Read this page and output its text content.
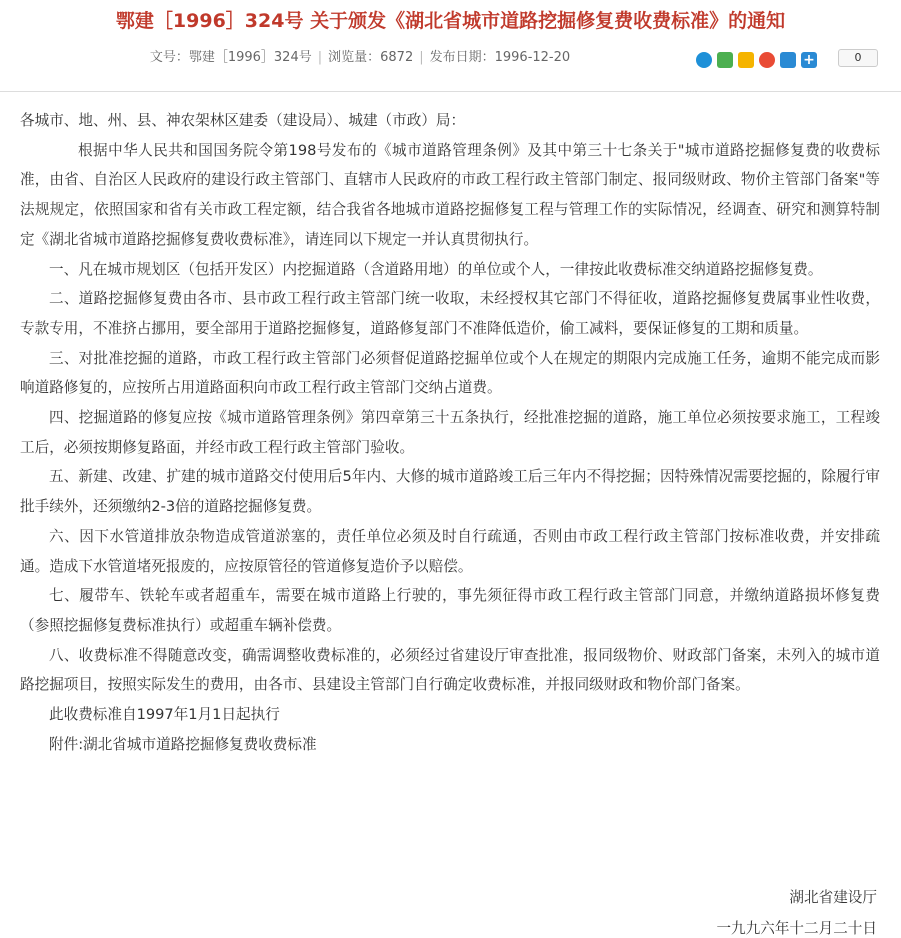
鄂建［1996］324号 关于颁发《湖北省城市道路挖掘修复费收费标准》的通知
文号：鄂建［1996］324号 | 浏览量：6872 | 发布日期：1996-12-20	+	0

各城市、地、州、县、神农架林区建委（建设局）、城建（市政）局：

根据中华人民共和国国务院令第198号发布的《城市道路管理条例》及其中第三十七条关于"城市道路挖掘修复费的收费标准，由省、自治区人民政府的建设行政主管部门、直辖市人民政府的市政工程行政主管部门制定、报同级财政、物价主管部门备案"等法规规定，依照国家和省有关市政工程定额，结合我省各地城市道路挖掘修复工程与管理工作的实际情况，经调查、研究和测算特制定《湖北省城市道路挖掘修复费收费标准》，请连同以下规定一并认真贯彻执行。

一、凡在城市规划区（包括开发区）内挖掘道路（含道路用地）的单位或个人，一律按此收费标准交纳道路挖掘修复费。

二、道路挖掘修复费由各市、县市政工程行政主管部门统一收取，未经授权其它部门不得征收，道路挖掘修复费属事业性收费，专款专用，不准挤占挪用，要全部用于道路挖掘修复，道路修复部门不准降低造价，偷工减料，要保证修复的工期和质量。

三、对批准挖掘的道路，市政工程行政主管部门必须督促道路挖掘单位或个人在规定的期限内完成施工任务，逾期不能完成而影响道路修复的，应按所占用道路面积向市政工程行政主管部门交纳占道费。

四、挖掘道路的修复应按《城市道路管理条例》第四章第三十五条执行，经批准挖掘的道路，施工单位必须按要求施工，工程竣工后，必须按期修复路面，并经市政工程行政主管部门验收。

五、新建、改建、扩建的城市道路交付使用后5年内、大修的城市道路竣工后三年内不得挖掘；因特殊情况需要挖掘的，除履行审批手续外，还须缴纳2-3倍的道路挖掘修复费。

六、因下水管道排放杂物造成管道淤塞的，责任单位必须及时自行疏通，否则由市政工程行政主管部门按标准收费，并安排疏通。造成下水管道堵死报废的，应按原管径的管道修复造价予以赔偿。

七、履带车、铁轮车或者超重车，需要在城市道路上行驶的，事先须征得市政工程行政主管部门同意，并缴纳道路损坏修复费（参照挖掘修复费标准执行）或超重车辆补偿费。

八、收费标准不得随意改变，确需调整收费标准的，必须经过省建设厅审查批准，报同级物价、财政部门备案，未列入的城市道路挖掘项目，按照实际发生的费用，由各市、县建设主管部门自行确定收费标准，并报同级财政和物价部门备案。

此收费标准自1997年1月1日起执行

附件:湖北省城市道路挖掘修复费收费标准

湖北省建设厅
一九九六年十二月二十日
